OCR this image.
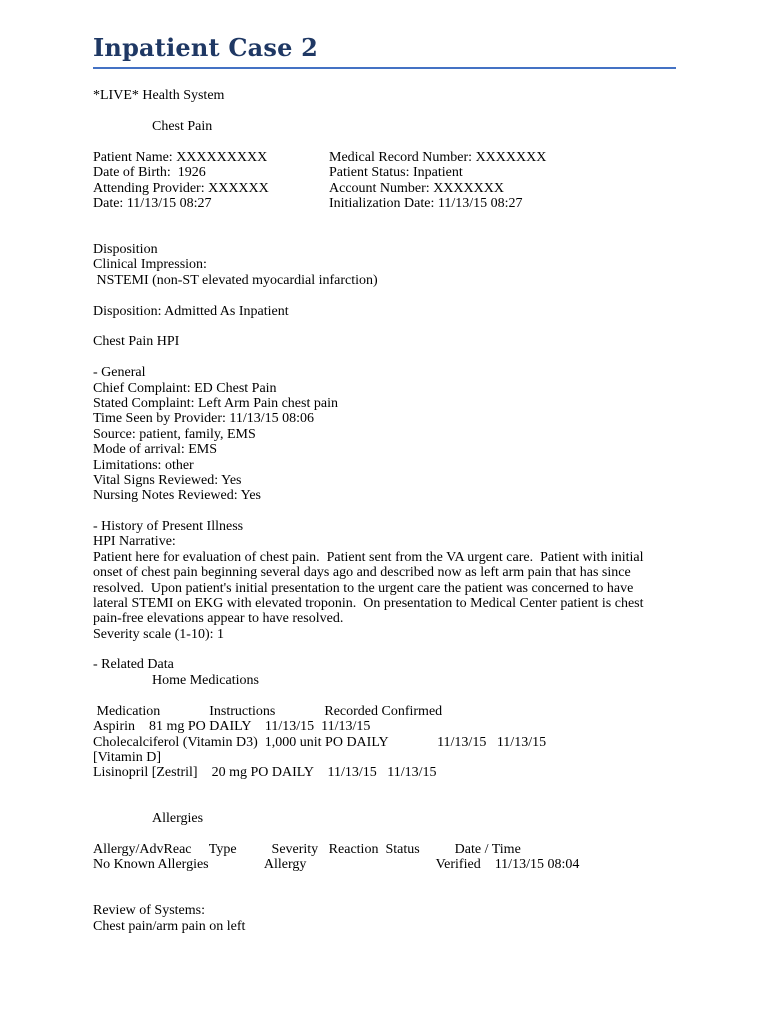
Inpatient Case 2
*LIVE* Health System
Chest Pain
Patient Name: XXXXXXXXX
Date of Birth:  1926
Attending Provider: XXXXXX
Date: 11/13/15 08:27
Medical Record Number: XXXXXXX
Patient Status: Inpatient
Account Number: XXXXXXX
Initialization Date: 11/13/15 08:27
Disposition
Clinical Impression:
NSTEMI (non-ST elevated myocardial infarction)
Disposition: Admitted As Inpatient
Chest Pain HPI
- General
Chief Complaint: ED Chest Pain
Stated Complaint: Left Arm Pain chest pain
Time Seen by Provider: 11/13/15 08:06
Source: patient, family, EMS
Mode of arrival: EMS
Limitations: other
Vital Signs Reviewed: Yes
Nursing Notes Reviewed: Yes
- History of Present Illness
HPI Narrative:
Patient here for evaluation of chest pain.  Patient sent from the VA urgent care.  Patient with initial
onset of chest pain beginning several days ago and described now as left arm pain that has since
resolved.  Upon patient's initial presentation to the urgent care the patient was concerned to have
lateral STEMI on EKG with elevated troponin.  On presentation to Medical Center patient is chest
pain-free elevations appear to have resolved.
Severity scale (1-10): 1
- Related Data
Home Medications
Medication              Instructions              Recorded Confirmed
Aspirin    81 mg PO DAILY    11/13/15  11/13/15
Cholecalciferol (Vitamin D3)  1,000 unit PO DAILY              11/13/15   11/13/15
[Vitamin D]
Lisinopril [Zestril]    20 mg PO DAILY    11/13/15   11/13/15
Allergies
Allergy/AdvReac     Type          Severity   Reaction  Status          Date / Time
No Known Allergies                Allergy                                     Verified    11/13/15 08:04
Review of Systems:
Chest pain/arm pain on left
